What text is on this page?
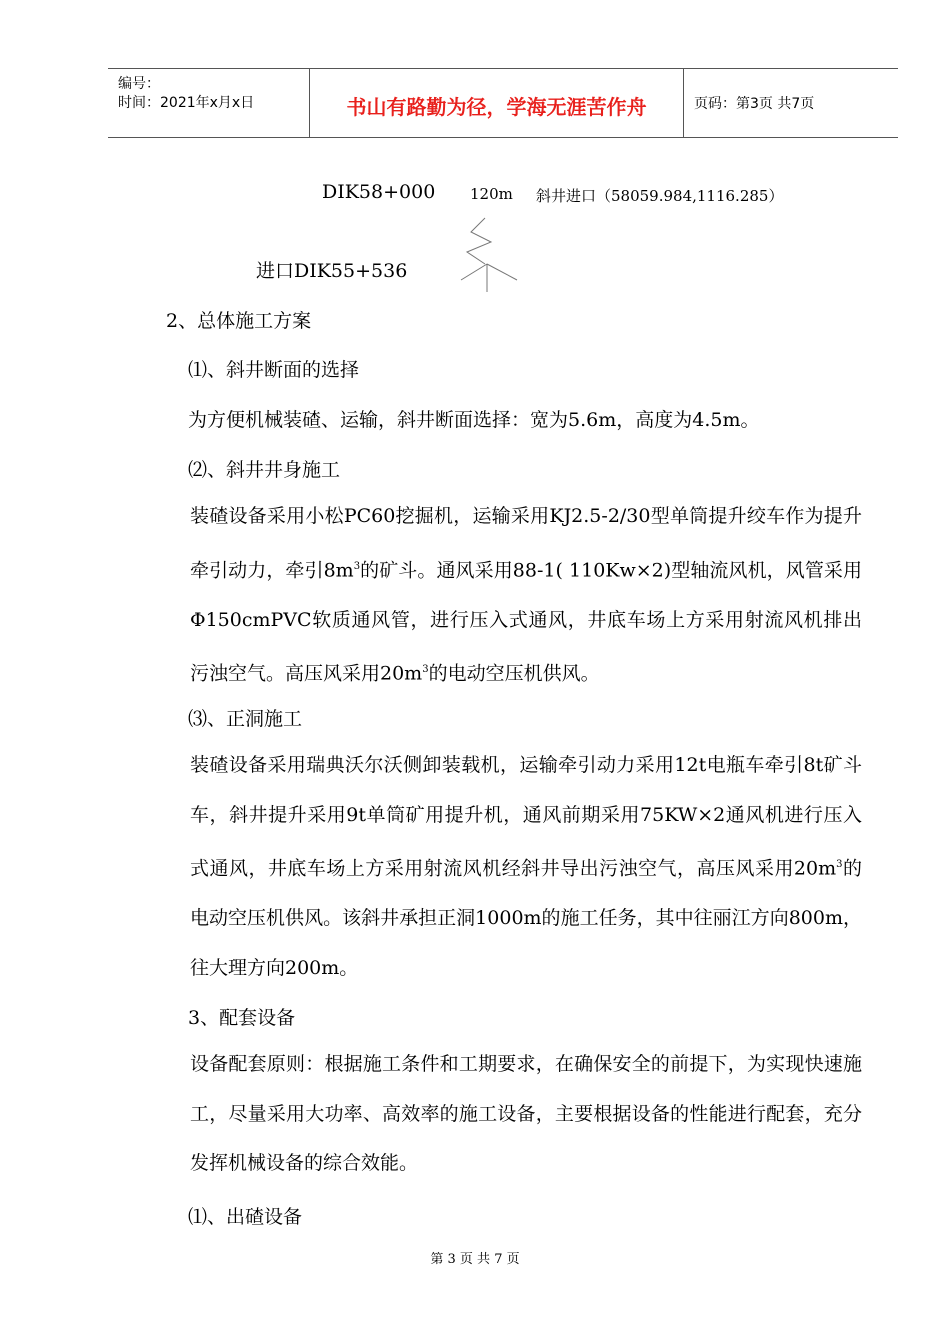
编号：
时间：2021年x月x日	书山有路勤为径，学海无涯苦作舟	页码：第3页 共7页
DIK58+000 120m 斜井进口（58059.984,1116.285）
进口DIK55+536
2、总体施工方案
⑴、斜井断面的选择
为方便机械装碴、运输，斜井断面选择：宽为5.6m，高度为4.5m。
⑵、斜井井身施工
装碴设备采用小松PC60挖掘机，运输采用KJ2.5-2/30型单筒提升绞车作为提升牵引动力，牵引$8m^3$的矿斗。通风采用88-1( 110Kw×2)型轴流风机，风管采用Φ150cmPVC软质通风管，进行压入式通风，井底车场上方采用射流风机排出污浊空气。高压风采用$20m^3$的电动空压机供风。
⑶、正洞施工
装碴设备采用瑞典沃尔沃侧卸装载机，运输牵引动力采用12t电瓶车牵引8t矿斗车，斜井提升采用9t单筒矿用提升机，通风前期采用75KW×2通风机进行压入式通风，井底车场上方采用射流风机经斜井导出污浊空气，高压风采用$20m^3$的电动空压机供风。该斜井承担正洞1000m的施工任务，其中往丽江方向800m，往大理方向200m。
3、配套设备
设备配套原则：根据施工条件和工期要求，在确保安全的前提下，为实现快速施工，尽量采用大功率、高效率的施工设备，主要根据设备的性能进行配套，充分发挥机械设备的综合效能。
⑴、出碴设备
第 3 页 共 7 页
